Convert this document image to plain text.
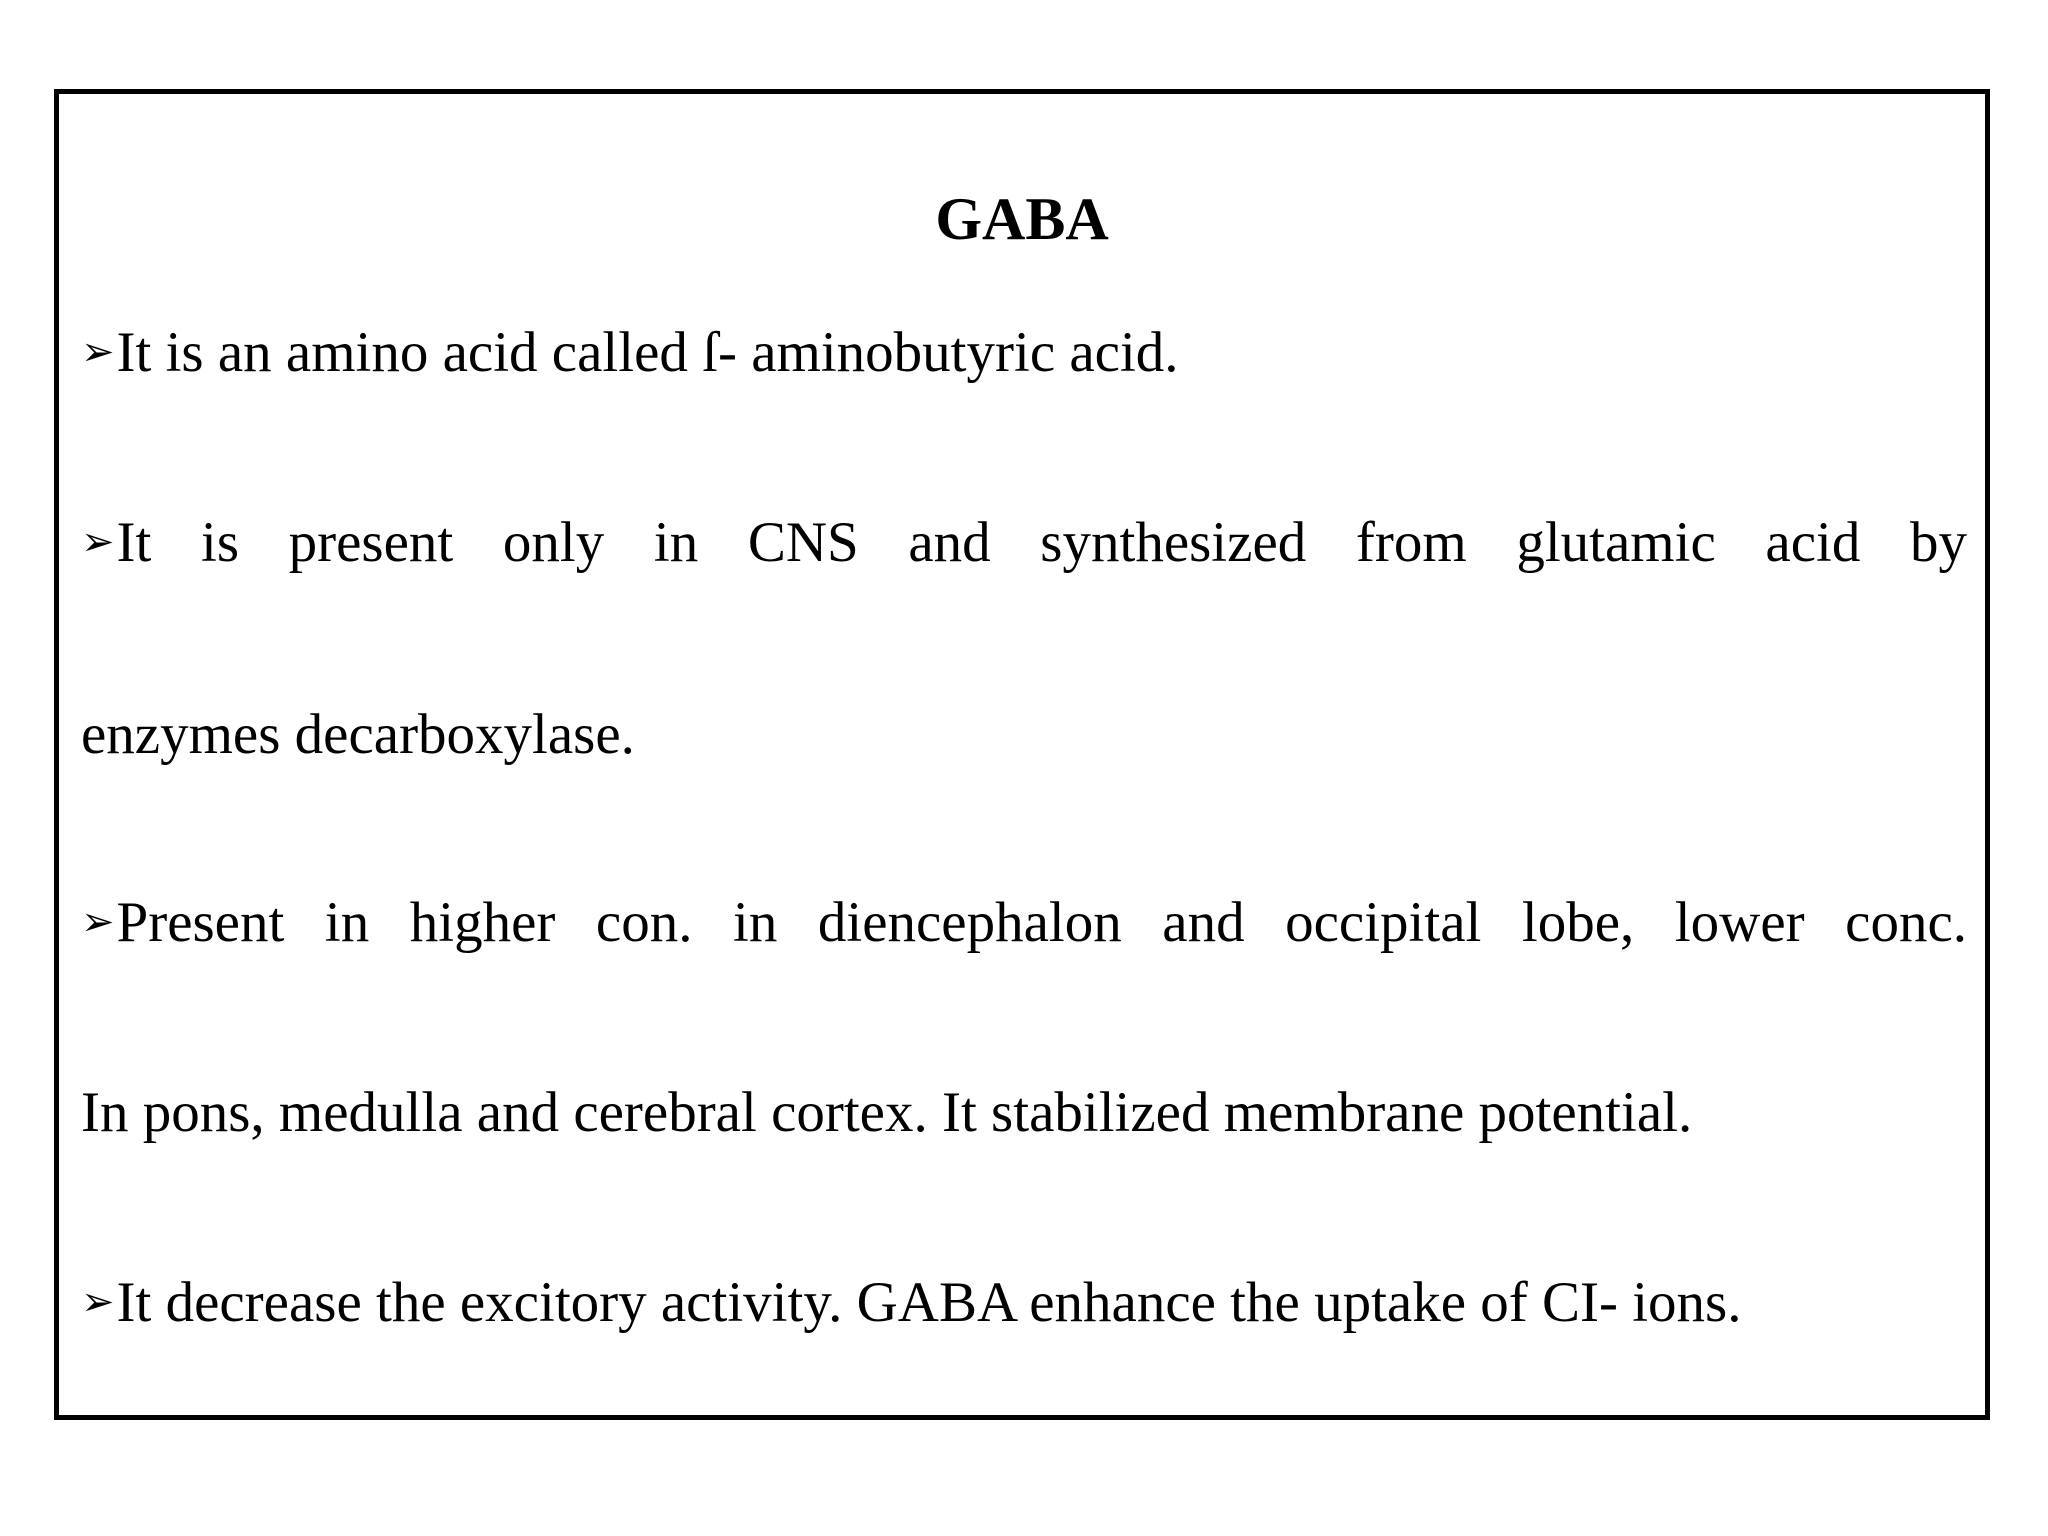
GABA

➢It is an amino acid called ſ- aminobutyric acid.

➢It is present only in CNS and synthesized from glutamic acid by

enzymes decarboxylase.

➢Present in higher con. in diencephalon and occipital lobe, lower conc.

In pons, medulla and cerebral cortex. It stabilized membrane potential.

➢It decrease the excitory activity. GABA enhance the uptake of CI- ions.
